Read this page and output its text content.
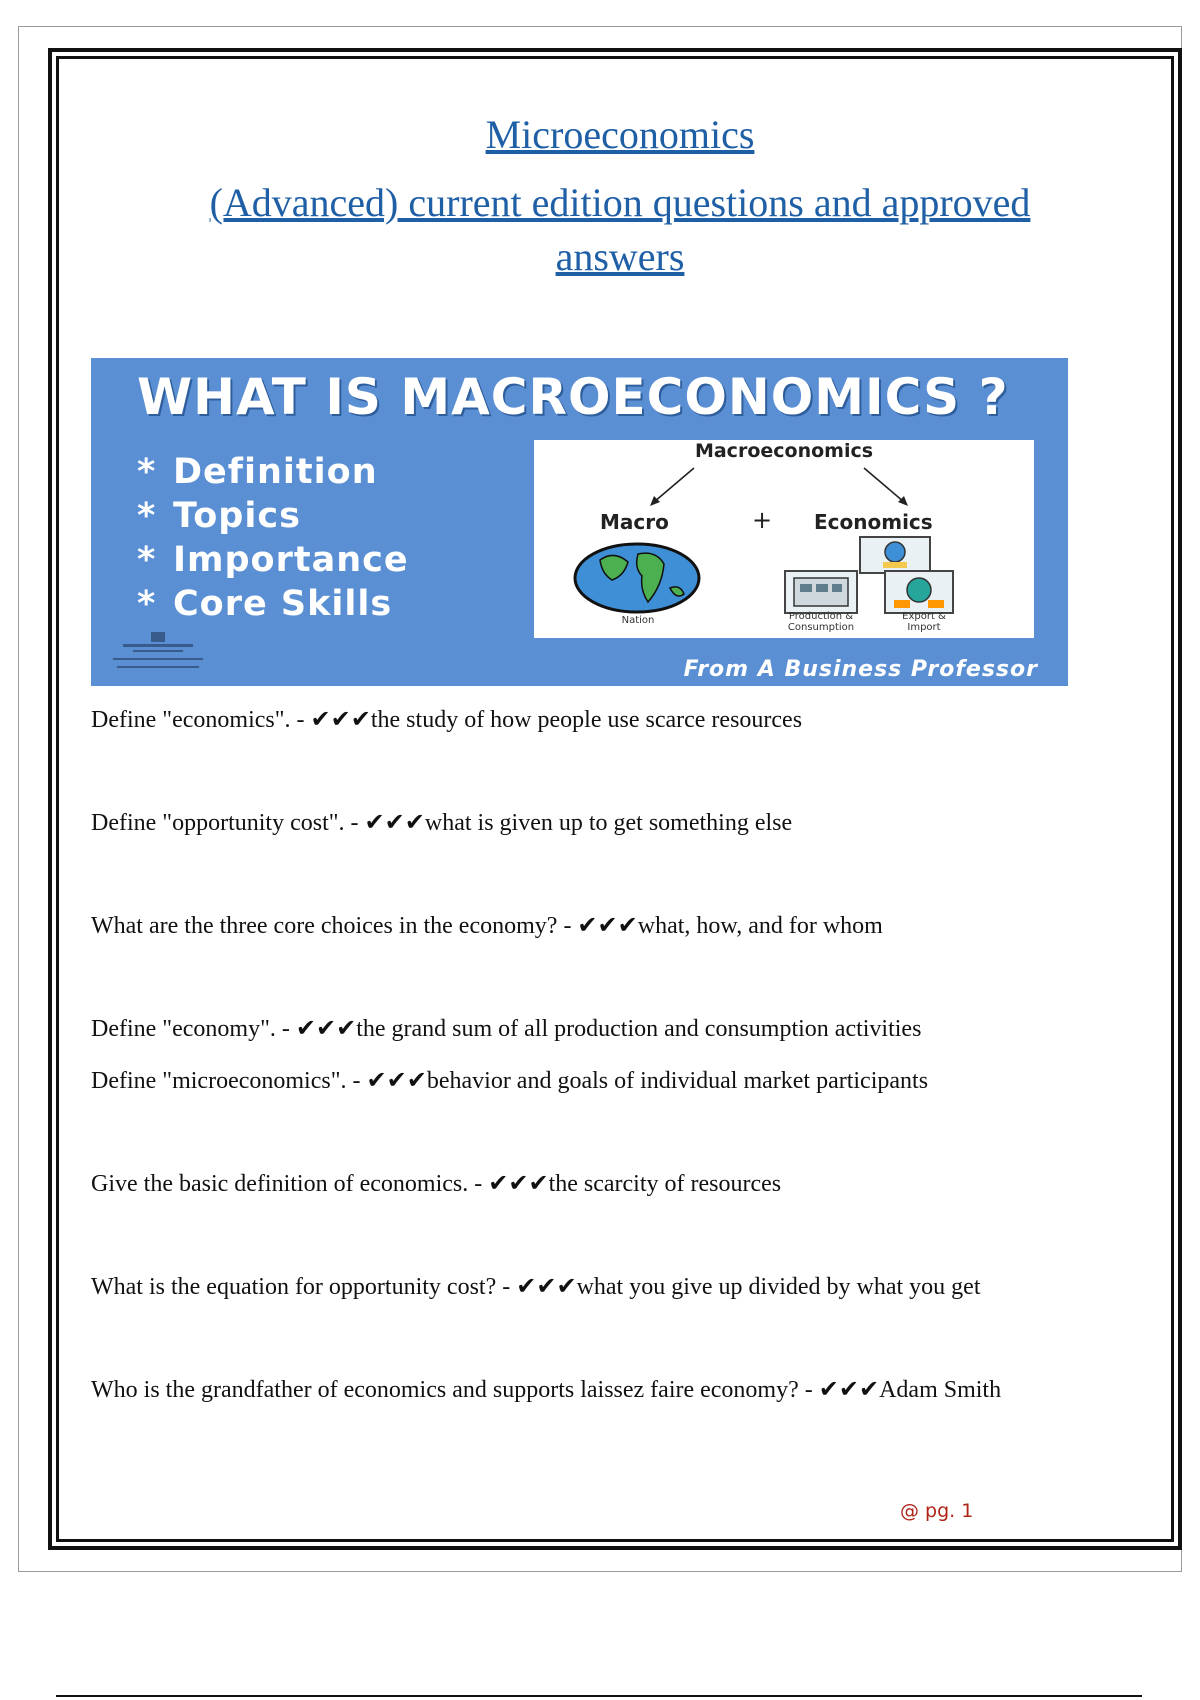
Microeconomics
(Advanced) current edition questions and approved
answers
WHAT IS MACROECONOMICS ?
* Definition
* Topics
* Importance
* Core Skills
Macroeconomics
Macro	+ Economics
Nation	Production & Consumption
Export & Import
From A Business Professor

Define "economics". - ✔✔✔the study of how people use scarce resources

Define "opportunity cost". - ✔✔✔what is given up to get something else

What are the three core choices in the economy? - ✔✔✔what, how, and for whom

Define "economy". - ✔✔✔the grand sum of all production and consumption activities

Define "microeconomics". - ✔✔✔behavior and goals of individual market participants

Give the basic definition of economics. - ✔✔✔the scarcity of resources

What is the equation for opportunity cost? - ✔✔✔what you give up divided by what you get

Who is the grandfather of economics and supports laissez faire economy? - ✔✔✔Adam Smith

@ pg. 1
